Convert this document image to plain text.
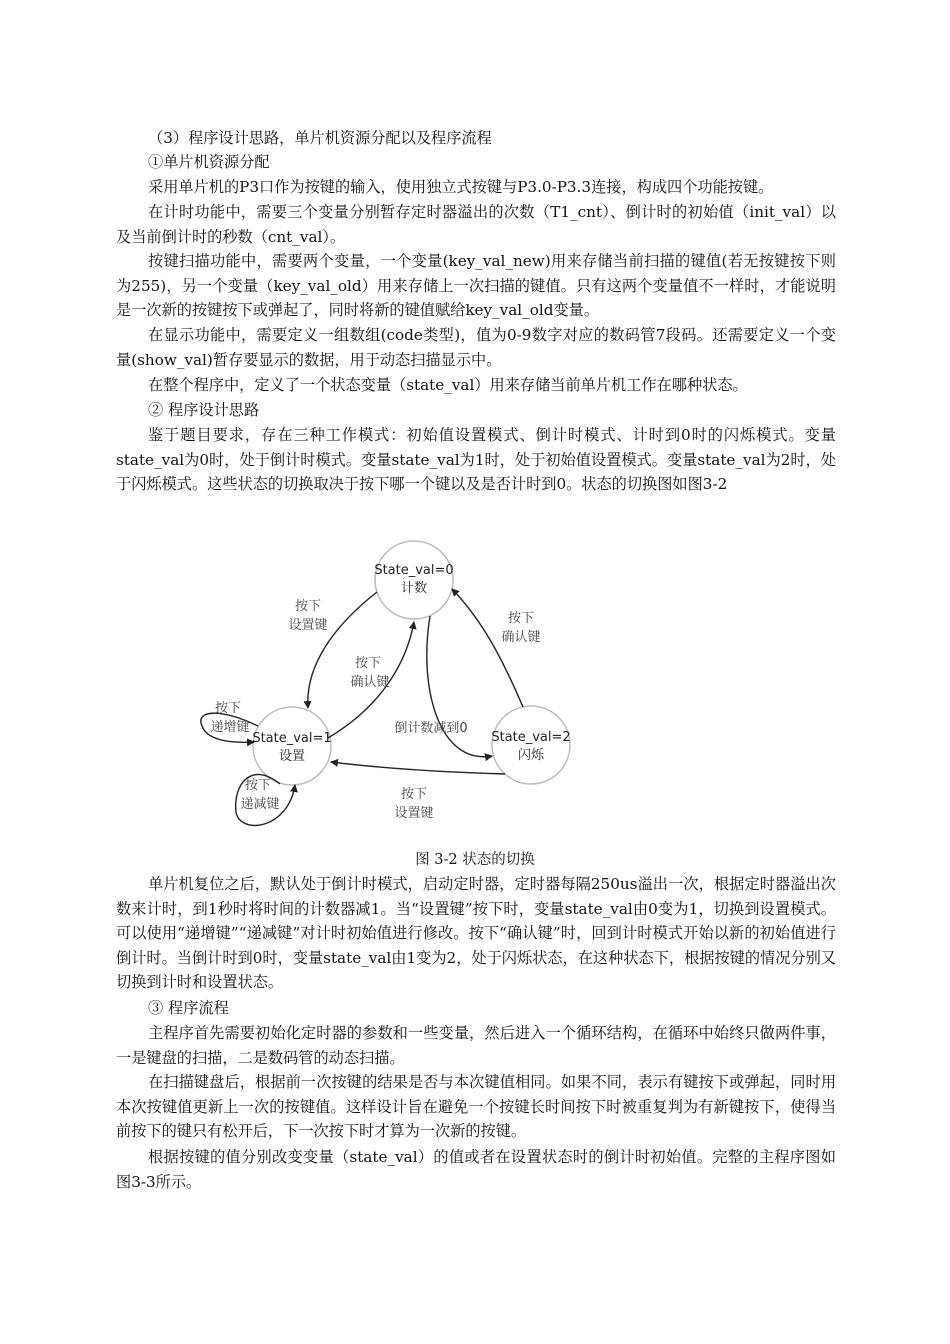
（3）程序设计思路，单片机资源分配以及程序流程

①单片机资源分配

采用单片机的P3口作为按键的输入，使用独立式按键与P3.0-P3.3连接，构成四个功能按键。

在计时功能中，需要三个变量分别暂存定时器溢出的次数（T1_cnt）、倒计时的初始值（init_val）以及当前倒计时的秒数（cnt_val）。

按键扫描功能中，需要两个变量，一个变量(key_val_new)用来存储当前扫描的键值(若无按键按下则为255)，另一个变量（key_val_old）用来存储上一次扫描的键值。只有这两个变量值不一样时，才能说明是一次新的按键按下或弹起了，同时将新的键值赋给key_val_old变量。

在显示功能中，需要定义一组数组(code类型)，值为0-9数字对应的数码管7段码。还需要定义一个变量(show_val)暂存要显示的数据，用于动态扫描显示中。

在整个程序中，定义了一个状态变量（state_val）用来存储当前单片机工作在哪种状态。

② 程序设计思路

鉴于题目要求，存在三种工作模式：初始值设置模式、倒计时模式、计时到0时的闪烁模式。变量state_val为0时，处于倒计时模式。变量state_val为1时，处于初始值设置模式。变量state_val为2时，处于闪烁模式。这些状态的切换取决于按下哪一个键以及是否计时到0。状态的切换图如图3-2

State_val=0
计数
State_val=1
设置
State_val=2
闪烁
按下
设置键
按下
确认键
按下
确认键
按下
递增键
按下
递减键
倒计数减到0
按下
设置键
图 3-2 状态的切换

单片机复位之后，默认处于倒计时模式，启动定时器，定时器每隔250us溢出一次，根据定时器溢出次数来计时，到1秒时将时间的计数器减1。当“设置键”按下时，变量state_val由0变为1，切换到设置模式。可以使用“递增键”“递减键”对计时初始值进行修改。按下“确认键”时，回到计时模式开始以新的初始值进行倒计时。当倒计时到0时，变量state_val由1变为2，处于闪烁状态，在这种状态下，根据按键的情况分别又切换到计时和设置状态。

③ 程序流程

主程序首先需要初始化定时器的参数和一些变量，然后进入一个循环结构，在循环中始终只做两件事，一是键盘的扫描，二是数码管的动态扫描。

在扫描键盘后，根据前一次按键的结果是否与本次键值相同。如果不同，表示有键按下或弹起，同时用本次按键值更新上一次的按键值。这样设计旨在避免一个按键长时间按下时被重复判为有新键按下，使得当前按下的键只有松开后，下一次按下时才算为一次新的按键。

根据按键的值分别改变变量（state_val）的值或者在设置状态时的倒计时初始值。完整的主程序图如图3-3所示。
